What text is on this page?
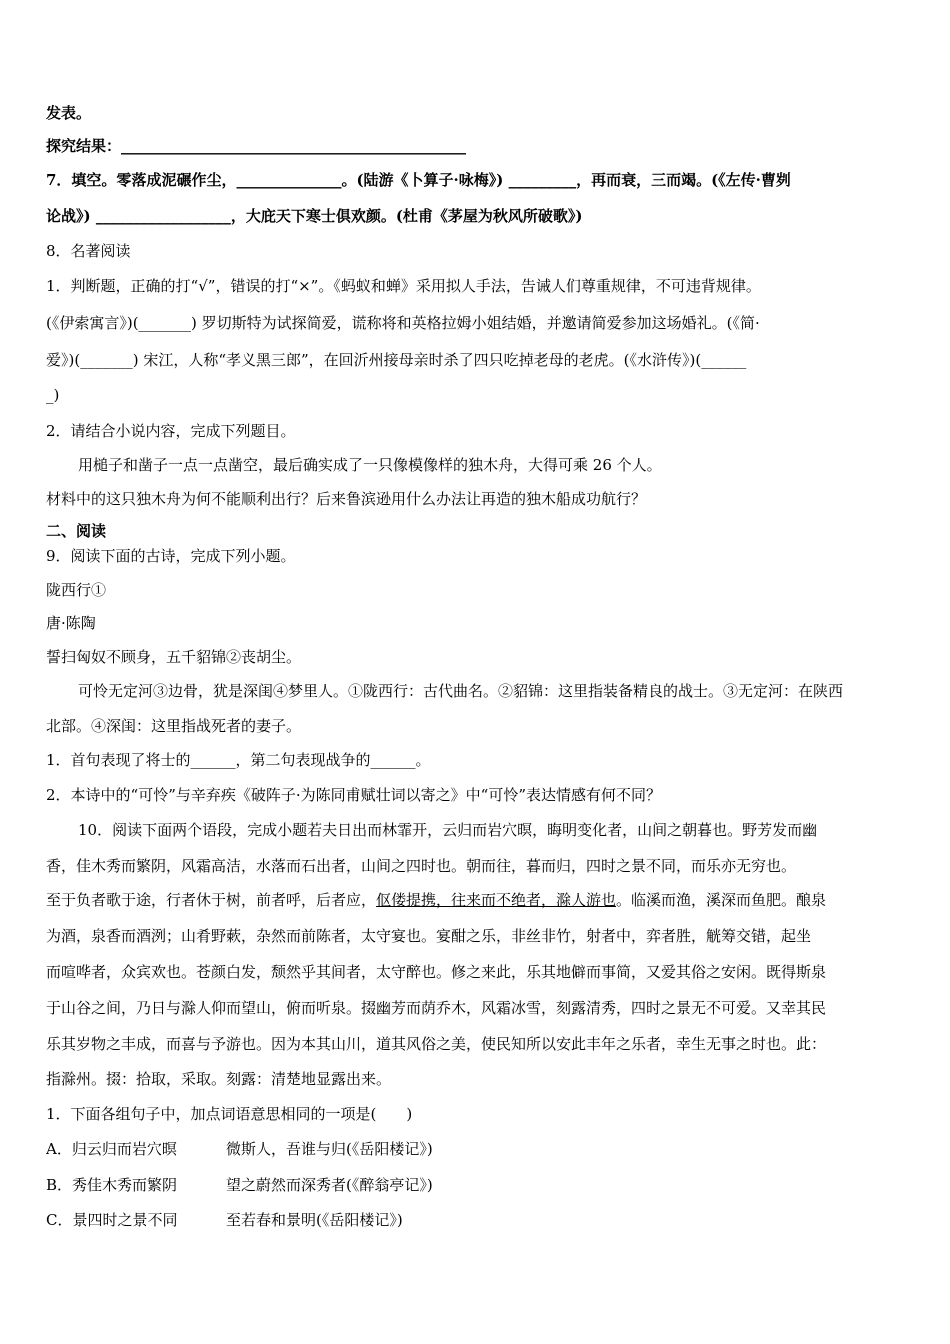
发表。
探究结果：______________________________________________
7．填空。零落成泥碾作尘，______________。(陆游《卜算子·咏梅》) _________，再而衰，三而竭。(《左传·曹刿
论战》) __________________，大庇天下寒士俱欢颜。(杜甫《茅屋为秋风所破歌》)
8．名著阅读
1．判断题，正确的打“√”，错误的打“×”。《蚂蚁和蝉》采用拟人手法，告诫人们尊重规律，不可违背规律。
(《伊索寓言》)(_______) 罗切斯特为试探简爱，谎称将和英格拉姆小姐结婚，并邀请简爱参加这场婚礼。(《简·
爱》)(_______) 宋江，人称“孝义黑三郎”，在回沂州接母亲时杀了四只吃掉老母的老虎。(《水浒传》)(______
_)
2．请结合小说内容，完成下列题目。
用槌子和凿子一点一点凿空，最后确实成了一只像模像样的独木舟，大得可乘 26 个人。
材料中的这只独木舟为何不能顺利出行？后来鲁滨逊用什么办法让再造的独木船成功航行？
二、阅读
9．阅读下面的古诗，完成下列小题。
陇西行①
唐·陈陶
誓扫匈奴不顾身，五千貂锦②丧胡尘。
可怜无定河③边骨，犹是深闺④梦里人。①陇西行：古代曲名。②貂锦：这里指装备精良的战士。③无定河：在陕西
北部。④深闺：这里指战死者的妻子。
1．首句表现了将士的______，第二句表现战争的______。
2．本诗中的“可怜”与辛弃疾《破阵子·为陈同甫赋壮词以寄之》中“可怜”表达情感有何不同？
10．阅读下面两个语段，完成小题若夫日出而林霏开，云归而岩穴暝，晦明变化者，山间之朝暮也。野芳发而幽
香，佳木秀而繁阴，风霜高洁，水落而石出者，山间之四时也。朝而往，暮而归，四时之景不同，而乐亦无穷也。
至于负者歌于途，行者休于树，前者呼，后者应，伛偻提携，往来而不绝者，滁人游也。临溪而渔，溪深而鱼肥。酿泉
为酒，泉香而酒洌；山肴野蔌，杂然而前陈者，太守宴也。宴酣之乐，非丝非竹，射者中，弈者胜，觥筹交错，起坐
而喧哗者，众宾欢也。苍颜白发，颓然乎其间者，太守醉也。修之来此，乐其地僻而事简，又爱其俗之安闲。既得斯泉
于山谷之间，乃日与滁人仰而望山，俯而听泉。掇幽芳而荫乔木，风霜冰雪，刻露清秀，四时之景无不可爱。又幸其民
乐其岁物之丰成，而喜与予游也。因为本其山川，道其风俗之美，使民知所以安此丰年之乐者，幸生无事之时也。此：
指滁州。掇：拾取，采取。刻露：清楚地显露出来。
1．下面各组句子中，加点词语意思相同的一项是(　　)
A．归云归而岩穴暝	微斯人，吾谁与归(《岳阳楼记》)
B．秀佳木秀而繁阴	望之蔚然而深秀者(《醉翁亭记》)
C．景四时之景不同	至若春和景明(《岳阳楼记》)
